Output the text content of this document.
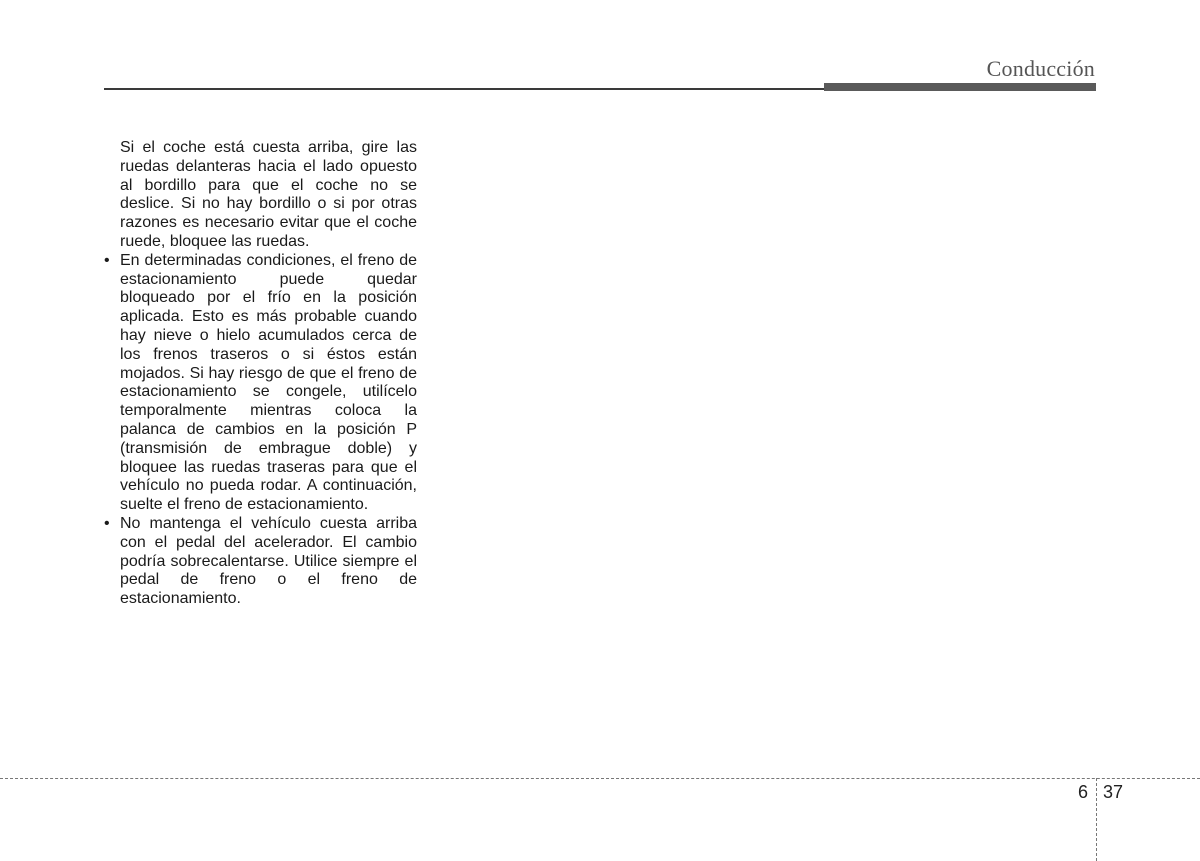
Conducción

Si el coche está cuesta arriba, gire las ruedas delanteras hacia el lado opuesto al bordillo para que el coche no se deslice. Si no hay bordillo o si por otras razones es necesario evitar que el coche ruede, bloquee las ruedas.

• En determinadas condiciones, el freno de estacionamiento puede quedar bloqueado por el frío en la posición aplicada. Esto es más probable cuando hay nieve o hielo acumulados cerca de los frenos traseros o si éstos están mojados. Si hay riesgo de que el freno de estacionamiento se congele, utilícelo temporalmente mientras coloca la palanca de cambios en la posición P (transmisión de embrague doble) y bloquee las ruedas traseras para que el vehículo no pueda rodar. A continuación, suelte el freno de estacionamiento.
• No mantenga el vehículo cuesta arriba con el pedal del acelerador. El cambio podría sobrecalentarse. Utilice siempre el pedal de freno o el freno de estacionamiento.
6 37
